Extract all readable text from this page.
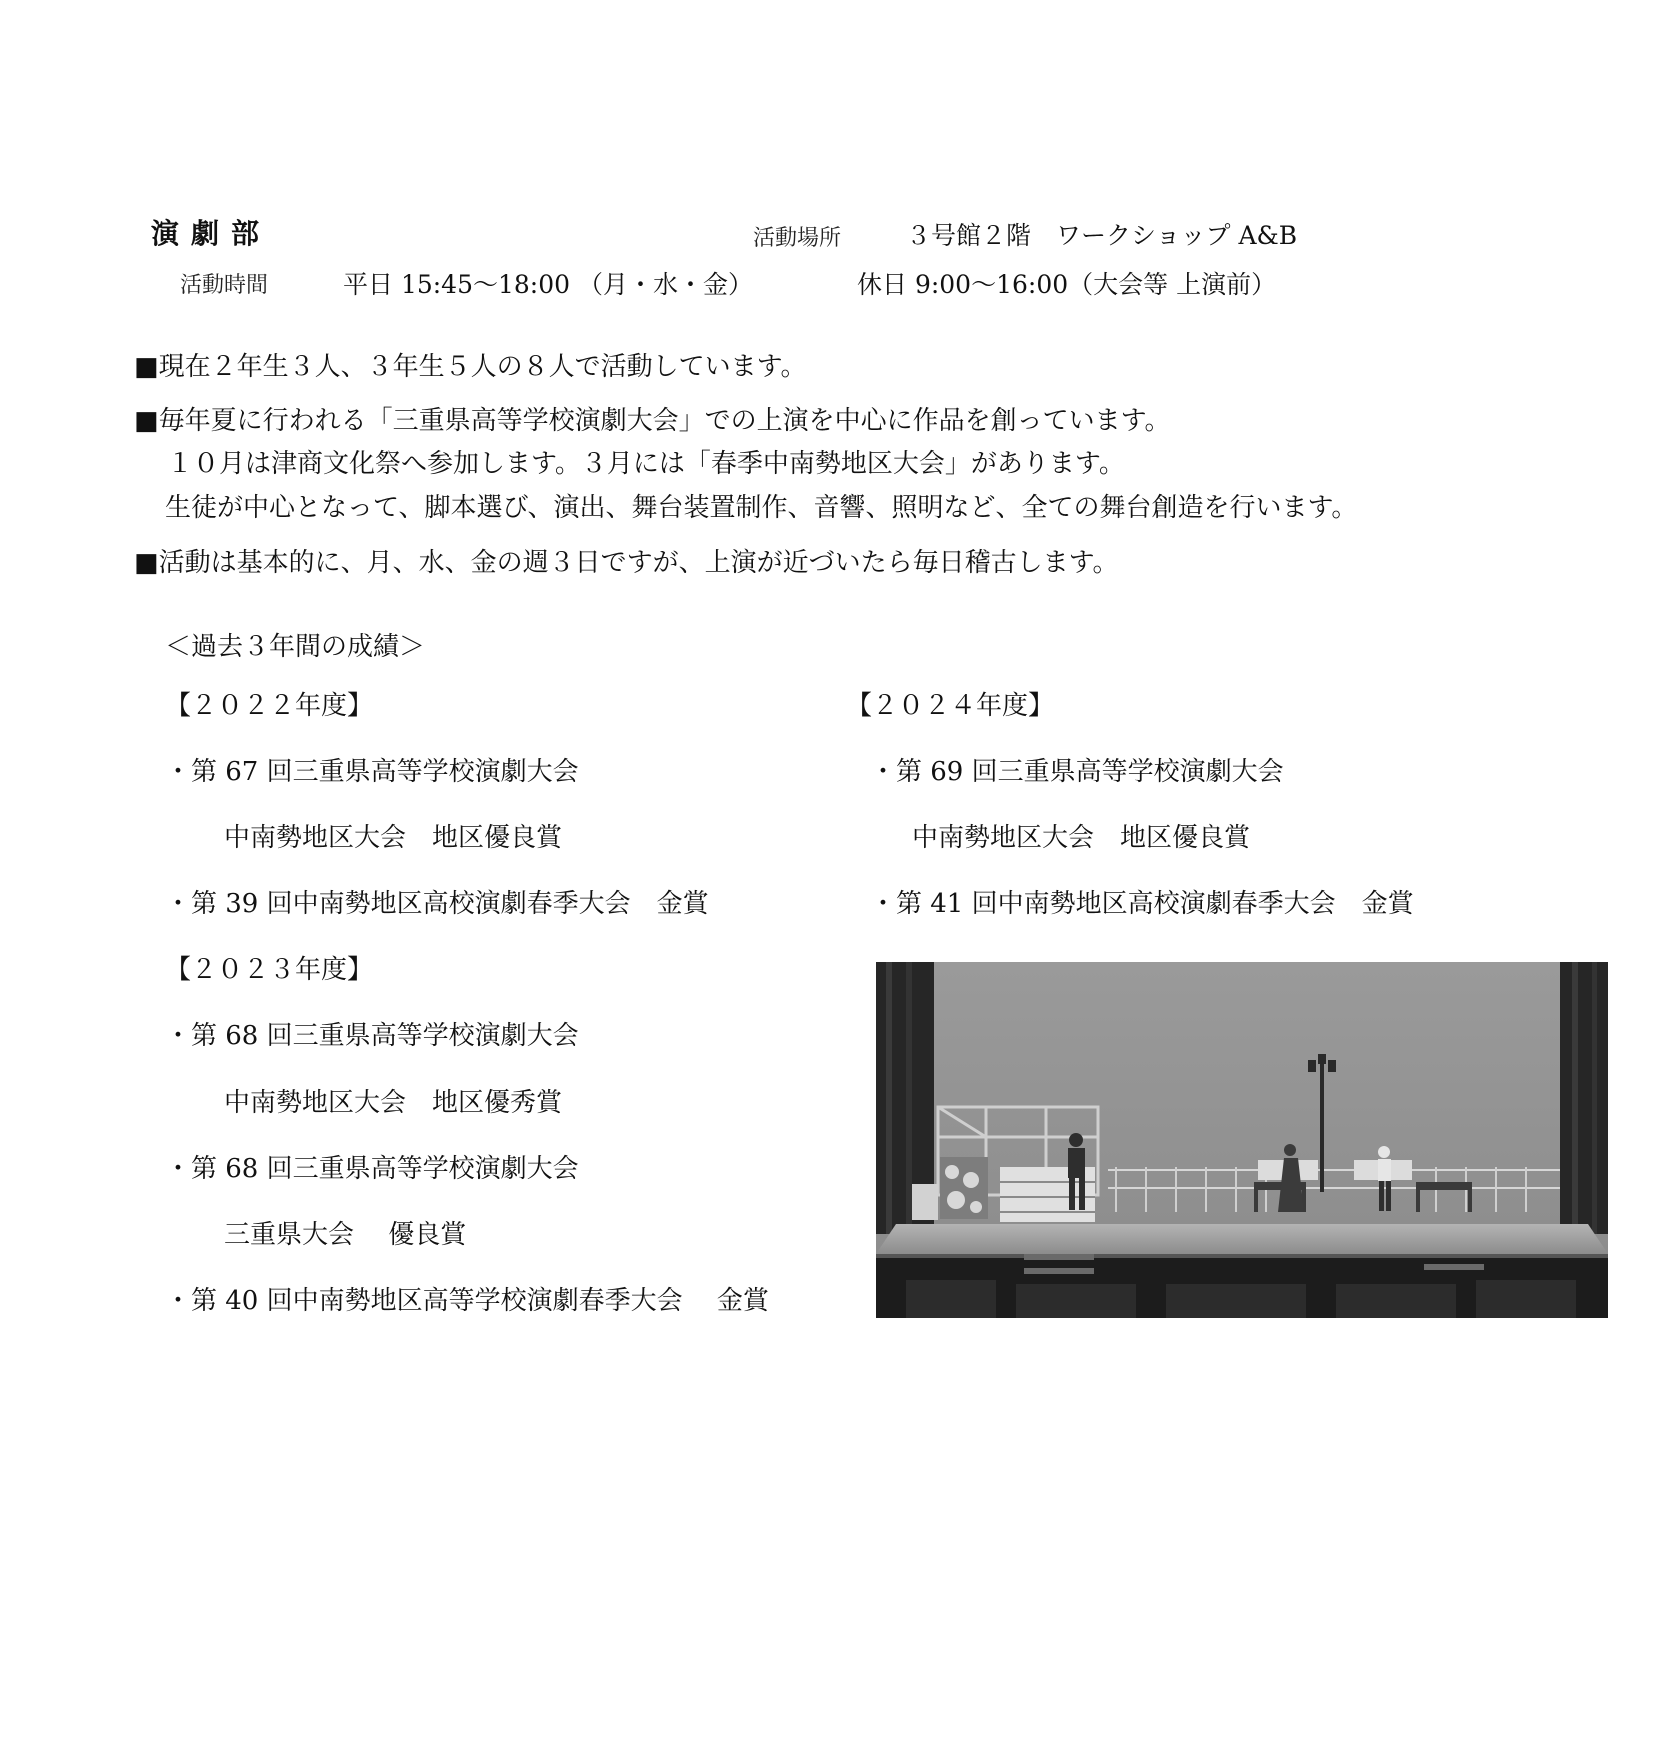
演劇部	活動場所	３号館２階　ワークショップ A&B
活動時間	平日 15:45～18:00 （月・水・金）	休日 9:00～16:00（大会等 上演前）
■現在２年生３人、３年生５人の８人で活動しています。
■毎年夏に行われる「三重県高等学校演劇大会」での上演を中心に作品を創っています。
１０月は津商文化祭へ参加します。３月には「春季中南勢地区大会」があります。
生徒が中心となって、脚本選び、演出、舞台装置制作、音響、照明など、全ての舞台創造を行います。
■活動は基本的に、月、水、金の週３日ですが、上演が近づいたら毎日稽古します。
＜過去３年間の成績＞
【２０２２年度】
・第 67 回三重県高等学校演劇大会
中南勢地区大会　地区優良賞
・第 39 回中南勢地区高校演劇春季大会　金賞
【２０２３年度】
・第 68 回三重県高等学校演劇大会
中南勢地区大会　地区優秀賞
・第 68 回三重県高等学校演劇大会
三重県大会　 優良賞
・第 40 回中南勢地区高等学校演劇春季大会　 金賞
【２０２４年度】
・第 69 回三重県高等学校演劇大会
中南勢地区大会　地区優良賞
・第 41 回中南勢地区高校演劇春季大会　金賞
